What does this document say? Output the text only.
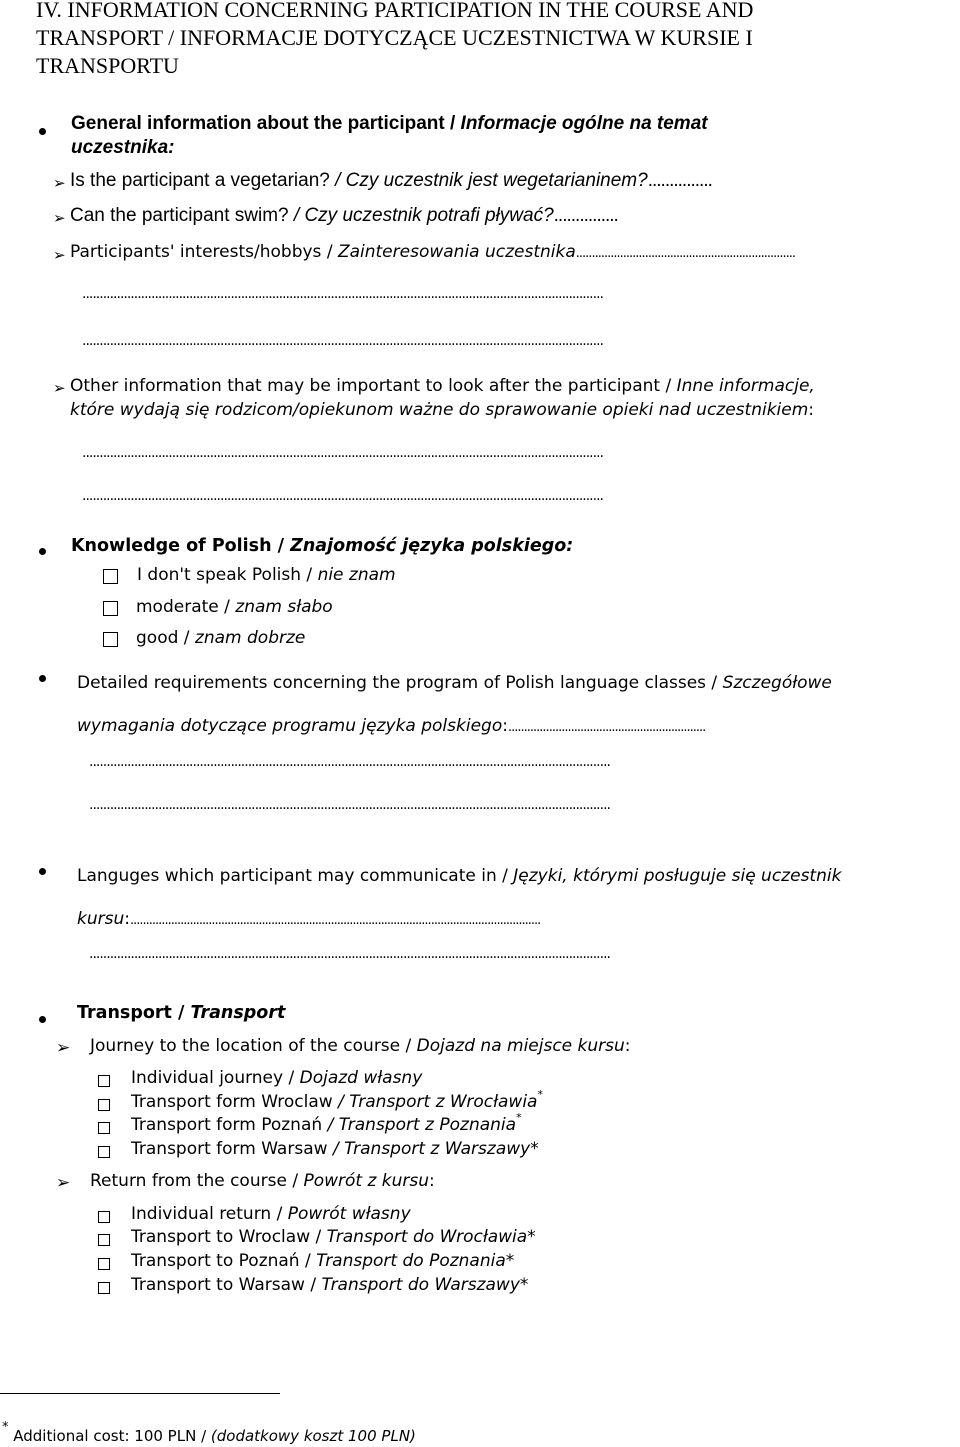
IV. INFORMATION CONCERNING PARTICIPATION IN THE COURSE AND
TRANSPORT / INFORMACJE DOTYCZĄCE UCZESTNICTWA W KURSIE I
TRANSPORTU
General information about the participant / Informacje ogólne na temat
uczestnika:
➢ Is the participant a vegetarian? / Czy uczestnik jest wegetarianinem?...............
➢ Can the participant swim? / Czy uczestnik potrafi pływać?...............
➢ Participants' interests/hobbys / Zainteresowania uczestnika......................................................................
.......................................................................................................................................................
.......................................................................................................................................................
➢ Other information that may be important to look after the participant / Inne informacje,
które wydają się rodzicom/opiekunom ważne do sprawowanie opieki nad uczestnikiem:
.......................................................................................................................................................
.......................................................................................................................................................
Knowledge of Polish / Znajomość języka polskiego:
I don't speak Polish / nie znam
moderate / znam słabo
good / znam dobrze
Detailed requirements concerning the program of Polish language classes / Szczegółowe
wymagania dotyczące programu języka polskiego:...............................................................
.......................................................................................................................................................
.......................................................................................................................................................
Languges which participant may communicate in / Języki, którymi posługuje się uczestnik
kursu:...................................................................................................................................
.......................................................................................................................................................
Transport / Transport
➢ Journey to the location of the course / Dojazd na miejsce kursu:
Individual journey / Dojazd własny
Transport form Wroclaw / Transport z Wrocławia*
Transport form Poznań / Transport z Poznania*
Transport form Warsaw / Transport z Warszawy*
➢ Return from the course / Powrót z kursu:
Individual return / Powrót własny
Transport to Wroclaw / Transport do Wrocławia*
Transport to Poznań / Transport do Poznania*
Transport to Warsaw / Transport do Warszawy*
* Additional cost: 100 PLN / (dodatkowy koszt 100 PLN)
